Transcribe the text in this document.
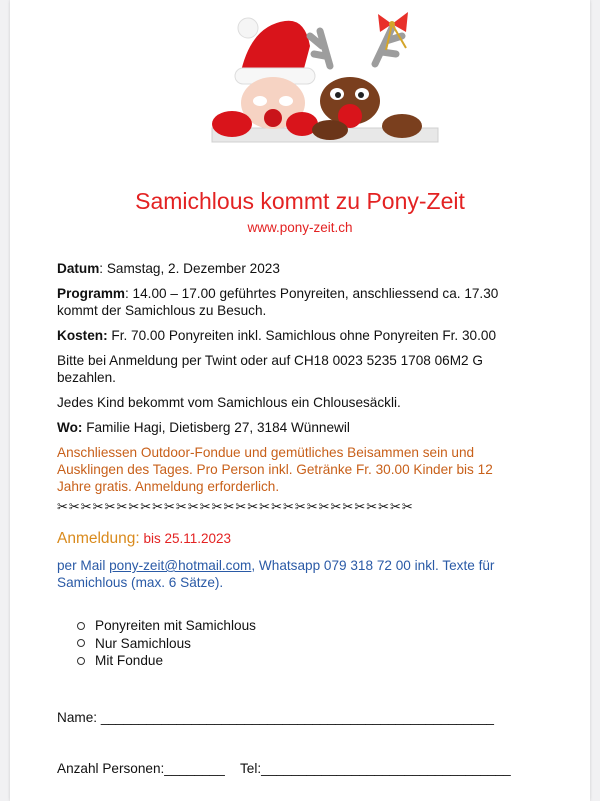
Samichlous kommt zu Pony-Zeit
www.pony-zeit.ch
Datum: Samstag, 2. Dezember 2023
Programm: 14.00 – 17.00 geführtes Ponyreiten, anschliessend ca. 17.30 kommt der Samichlous zu Besuch.
Kosten: Fr. 70.00 Ponyreiten inkl. Samichlous ohne Ponyreiten Fr. 30.00
Bitte bei Anmeldung per Twint oder auf CH18 0023 5235 1708 06M2 G bezahlen.
Jedes Kind bekommt vom Samichlous ein Chlousesäckli.
Wo: Familie Hagi, Dietisberg 27, 3184 Wünnewil
Anschliessen Outdoor-Fondue und gemütliches Beisammen sein und Ausklingen des Tages. Pro Person inkl. Getränke Fr. 30.00 Kinder bis 12 Jahre gratis. Anmeldung erforderlich.
✂✂✂✂✂✂✂✂✂✂✂✂✂✂✂✂✂✂✂✂✂✂✂✂✂✂✂✂✂✂
Anmeldung: bis 25.11.2023
per Mail pony-zeit@hotmail.com, Whatsapp 079 318 72 00 inkl. Texte für Samichlous (max. 6 Sätze).
Ponyreiten mit Samichlous
Nur Samichlous
Mit Fondue
Name: ____________________________________________________
Anzahl Personen:________ Tel:_________________________________
